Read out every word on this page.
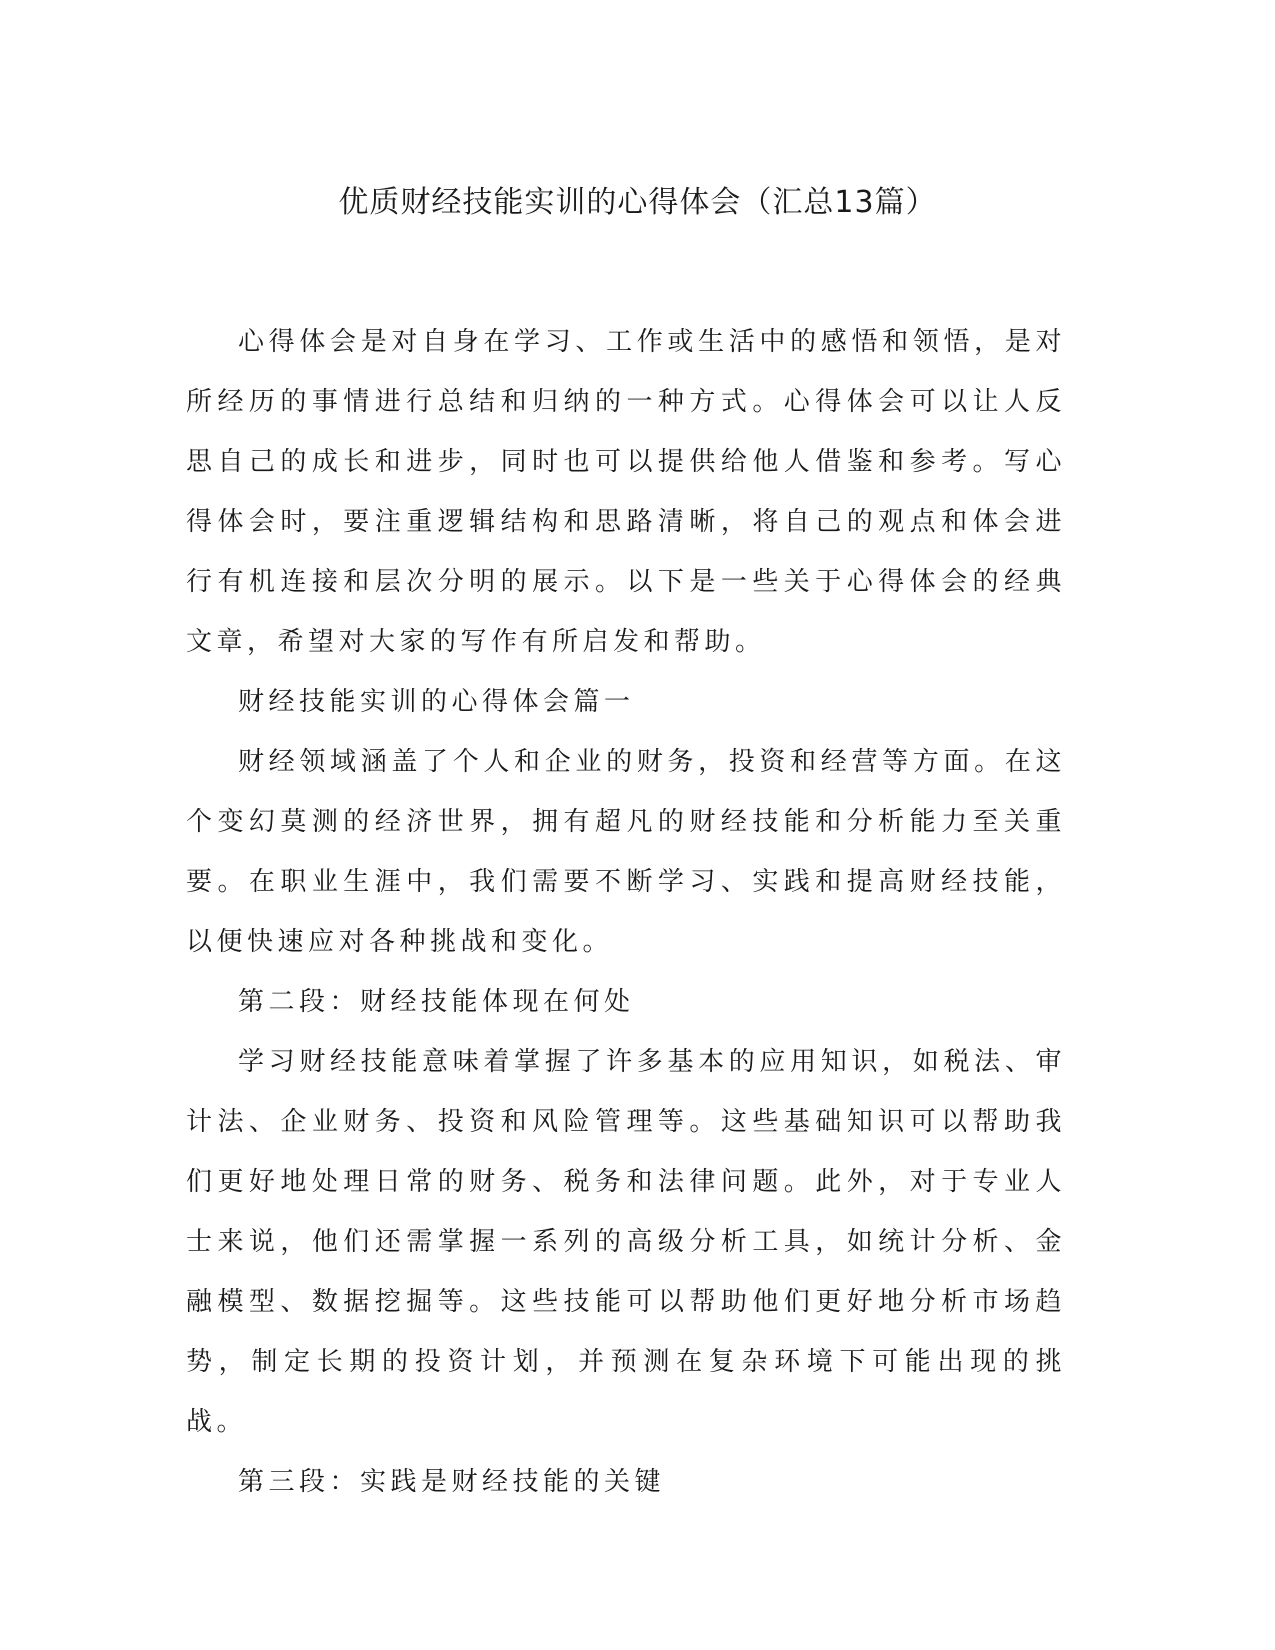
优质财经技能实训的心得体会（汇总13篇）

心得体会是对自身在学习、工作或生活中的感悟和领悟，是对所经历的事情进行总结和归纳的一种方式。心得体会可以让人反思自己的成长和进步，同时也可以提供给他人借鉴和参考。写心得体会时，要注重逻辑结构和思路清晰，将自己的观点和体会进行有机连接和层次分明的展示。以下是一些关于心得体会的经典文章，希望对大家的写作有所启发和帮助。

财经技能实训的心得体会篇一

财经领域涵盖了个人和企业的财务，投资和经营等方面。在这个变幻莫测的经济世界，拥有超凡的财经技能和分析能力至关重要。在职业生涯中，我们需要不断学习、实践和提高财经技能，以便快速应对各种挑战和变化。

第二段：财经技能体现在何处

学习财经技能意味着掌握了许多基本的应用知识，如税法、审计法、企业财务、投资和风险管理等。这些基础知识可以帮助我们更好地处理日常的财务、税务和法律问题。此外，对于专业人士来说，他们还需掌握一系列的高级分析工具，如统计分析、金融模型、数据挖掘等。这些技能可以帮助他们更好地分析市场趋势，制定长期的投资计划，并预测在复杂环境下可能出现的挑战。

第三段：实践是财经技能的关键
